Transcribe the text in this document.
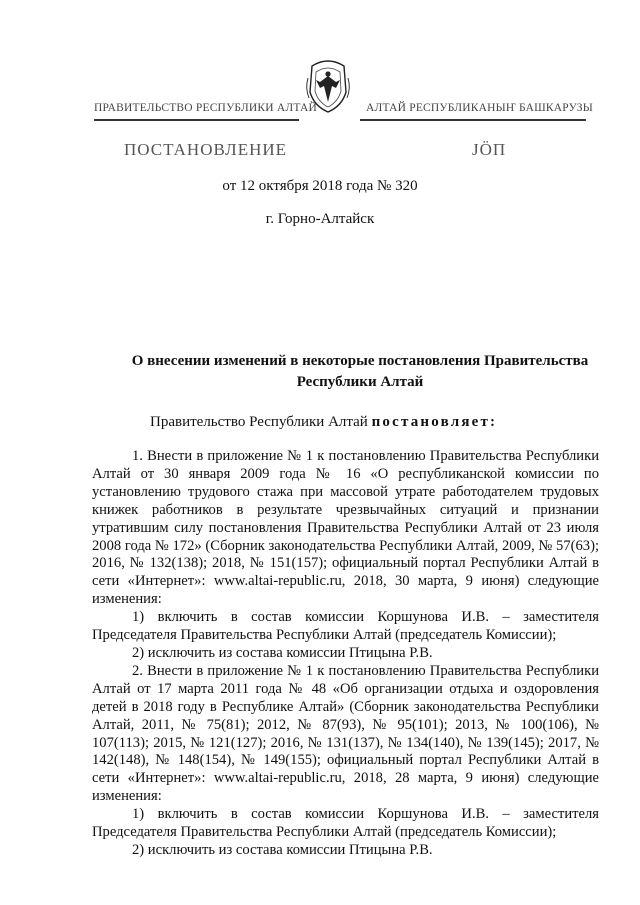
ПРАВИТЕЛЬСТВО РЕСПУБЛИКИ АЛТАЙ	АЛТАЙ РЕСПУБЛИКАНЫҤ БАШКАРУЗЫ
ПОСТАНОВЛЕНИЕ	ЈӦП
от 12 октября 2018 года № 320
г. Горно-Алтайск
О внесении изменений в некоторые постановления Правительства Республики Алтай
Правительство Республики Алтай постановляет:

1. Внести в приложение № 1 к постановлению Правительства Республики Алтай от 30 января 2009 года № 16 «О республиканской комиссии по установлению трудового стажа при массовой утрате работодателем трудовых книжек работников в результате чрезвычайных ситуаций и признании утратившим силу постановления Правительства Республики Алтай от 23 июля 2008 года № 172» (Сборник законодательства Республики Алтай, 2009, № 57(63); 2016, № 132(138); 2018, № 151(157); официальный портал Республики Алтай в сети «Интернет»: www.altai-republic.ru, 2018, 30 марта, 9 июня) следующие изменения:

1) включить в состав комиссии Коршунова И.В. – заместителя Председателя Правительства Республики Алтай (председатель Комиссии);

2) исключить из состава комиссии Птицына Р.В.

2. Внести в приложение № 1 к постановлению Правительства Республики Алтай от 17 марта 2011 года № 48 «Об организации отдыха и оздоровления детей в 2018 году в Республике Алтай» (Сборник законодательства Республики Алтай, 2011, № 75(81); 2012, № 87(93), № 95(101); 2013, № 100(106), № 107(113); 2015, № 121(127); 2016, № 131(137), № 134(140), № 139(145); 2017, № 142(148), № 148(154), № 149(155); официальный портал Республики Алтай в сети «Интернет»: www.altai-republic.ru, 2018, 28 марта, 9 июня) следующие изменения:

1) включить в состав комиссии Коршунова И.В. – заместителя Председателя Правительства Республики Алтай (председатель Комиссии);

2) исключить из состава комиссии Птицына Р.В.
